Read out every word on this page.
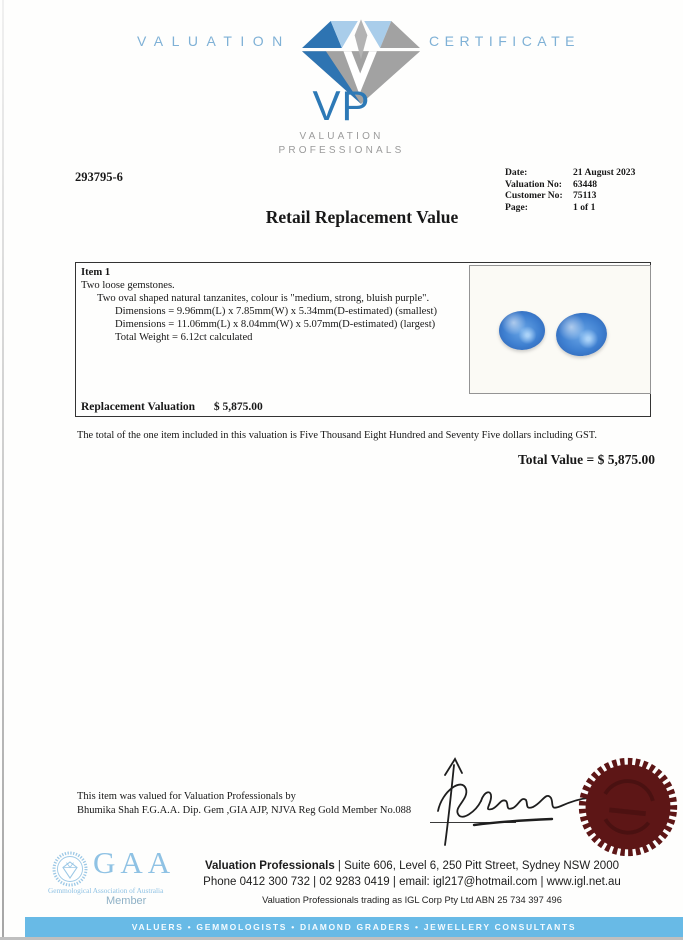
VALUATION	CERTIFICATE
VP
VALUATION
PROFESSIONALS
293795-6	Date:	21 August 2023
Valuation No:	63448
Customer No:	75113
Page:	1 of 1
Retail Replacement Value
Item 1
Two loose gemstones.
Two oval shaped natural tanzanites, colour is "medium, strong, bluish purple".
Dimensions = 9.96mm(L) x 7.85mm(W) x 5.34mm(D-estimated) (smallest)
Dimensions = 11.06mm(L) x 8.04mm(W) x 5.07mm(D-estimated) (largest)
Total Weight = 6.12ct calculated
Replacement Valuation $ 5,875.00
The total of the one item included in this valuation is Five Thousand Eight Hundred and Seventy Five dollars including GST.
Total Value = $ 5,875.00
This item was valued for Valuation Professionals by
Bhumika Shah F.G.A.A. Dip. Gem ,GIA AJP, NJVA Reg Gold Member No.088
GAA
Gemmological Association of Australia
Member
Valuation Professionals | Suite 606, Level 6, 250 Pitt Street, Sydney NSW 2000
Phone 0412 300 732 | 02 9283 0419 | email: igl217@hotmail.com | www.igl.net.au
Valuation Professionals trading as IGL Corp Pty Ltd ABN 25 734 397 496
VALUERS • GEMMOLOGISTS • DIAMOND GRADERS • JEWELLERY CONSULTANTS
